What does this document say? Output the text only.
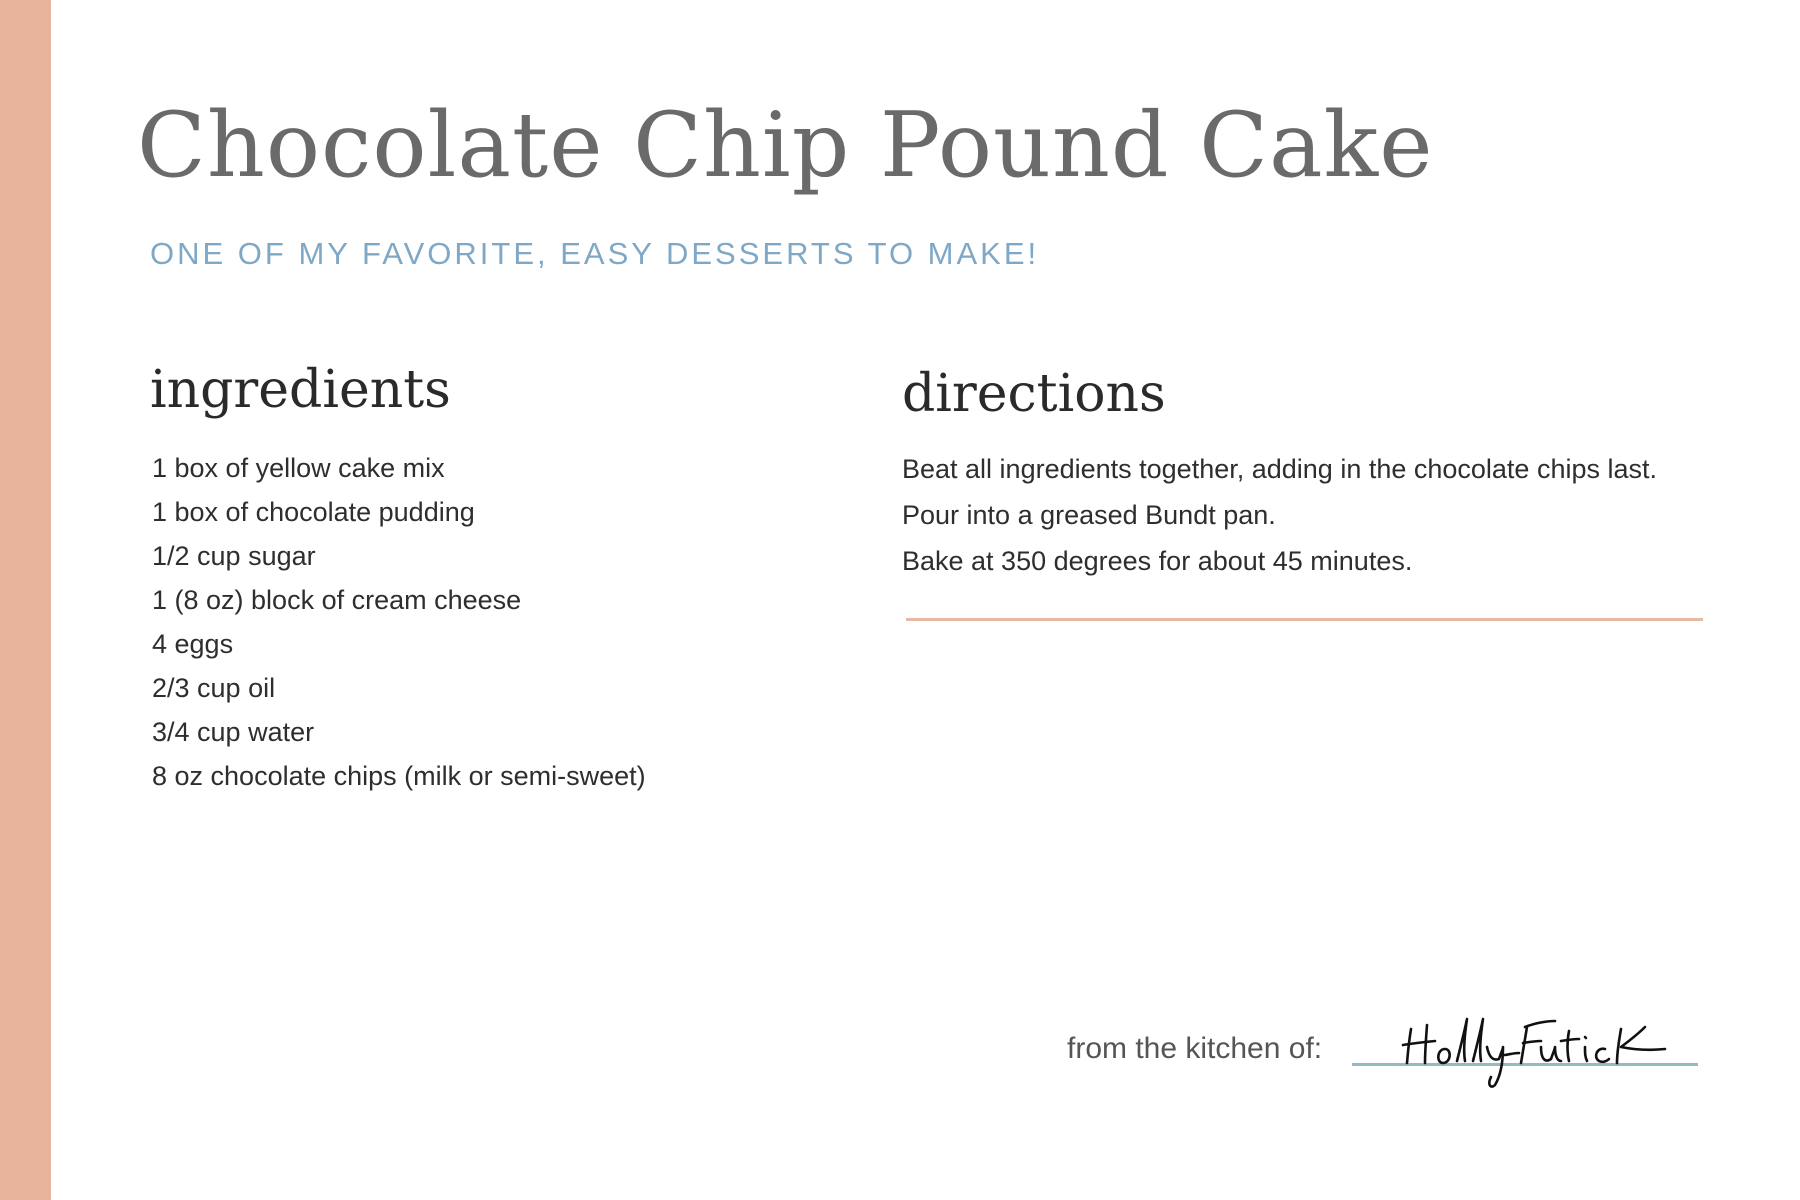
Chocolate Chip Pound Cake

ONE OF MY FAVORITE, EASY DESSERTS TO MAKE!

ingredients
1 box of yellow cake mix
1 box of chocolate pudding
1/2 cup sugar
1 (8 oz) block of cream cheese
4 eggs
2/3 cup oil
3/4 cup water
8 oz chocolate chips (milk or semi-sweet)
directions
Beat all ingredients together, adding in the chocolate chips last.
Pour into a greased Bundt pan.
Bake at 350 degrees for about 45 minutes.

from the kitchen of:
